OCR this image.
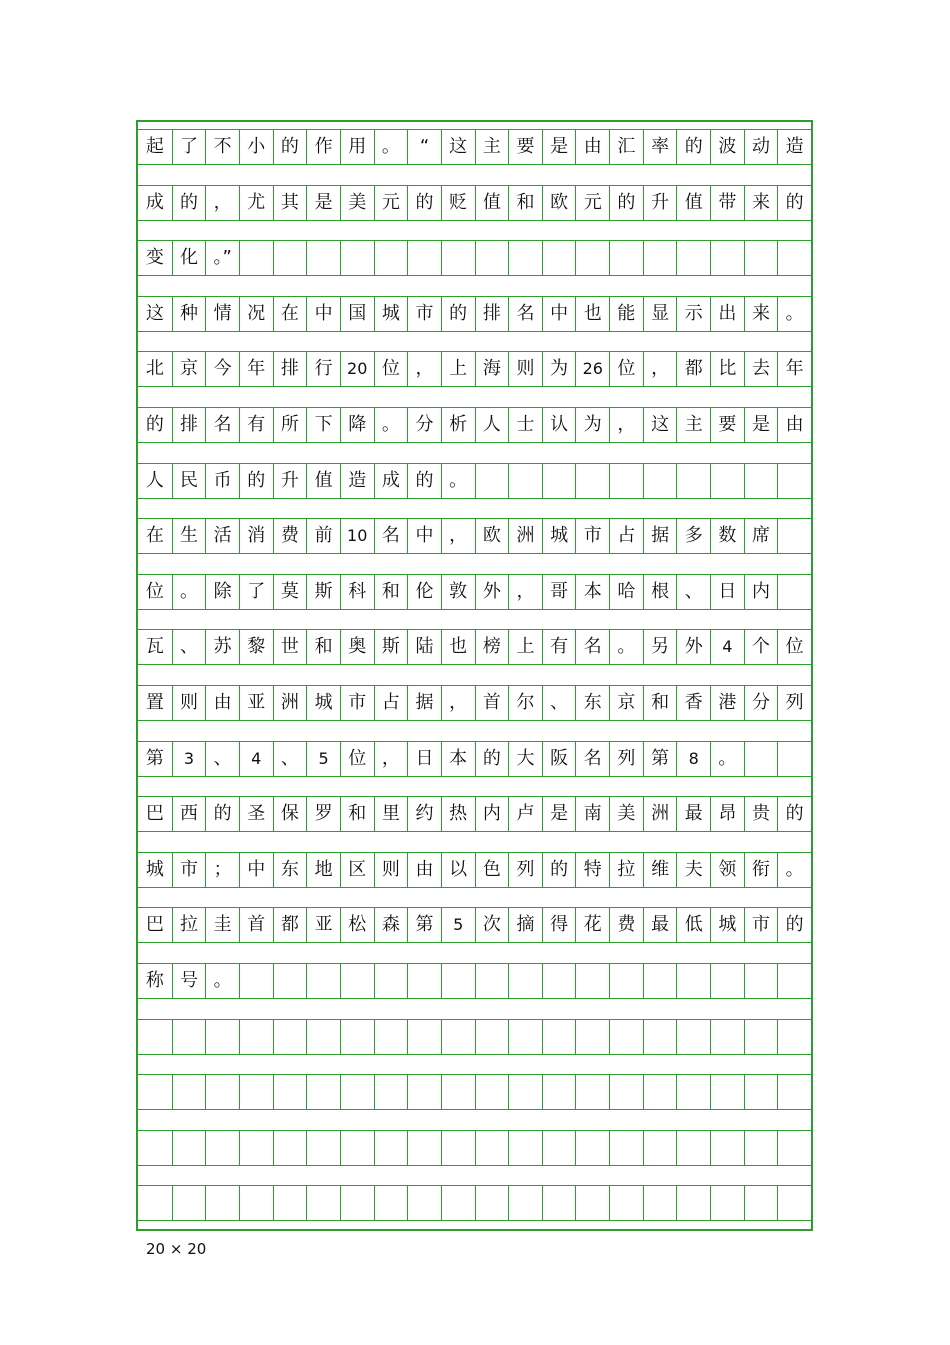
起 了 不 小 的 作 用 。	“	这 主 要 是 由 汇 率 的 波 动 造
成 的 ， 尤 其 是 美 元 的 贬 值 和 欧 元 的 升 值 带 来 的
变 化 。”
这 种 情 况 在 中 国 城 市 的 排 名 中 也 能 显 示 出 来 。
北 京 今 年 排 行 20 位 ， 上 海 则 为 26 位 ， 都 比 去 年
的 排 名 有 所 下 降 。 分 析 人 士 认 为 ， 这 主 要 是 由
人 民 币 的 升 值 造 成 的 。
在 生 活 消 费 前 10 名 中 ， 欧 洲 城 市 占 据 多 数 席
位 。 除 了 莫 斯 科 和 伦 敦 外 ， 哥 本 哈 根 、 日 内
瓦 、 苏 黎 世 和 奥 斯 陆 也 榜 上 有 名 。 另 外	4	个 位
置 则 由 亚 洲 城 市 占 据 ， 首 尔 、 东 京 和 香 港 分 列
第	3	、	4	、	5	位 ， 日 本 的 大 阪 名 列 第	8	。
巴 西 的 圣 保 罗 和 里 约 热 内 卢 是 南 美 洲 最 昂 贵 的
城 市 ； 中 东 地 区 则 由 以 色 列 的 特 拉 维 夫 领 衔 。
巴 拉 圭 首 都 亚 松 森 第	5	次 摘 得 花 费 最 低 城 市 的
称 号 。
20 × 20
